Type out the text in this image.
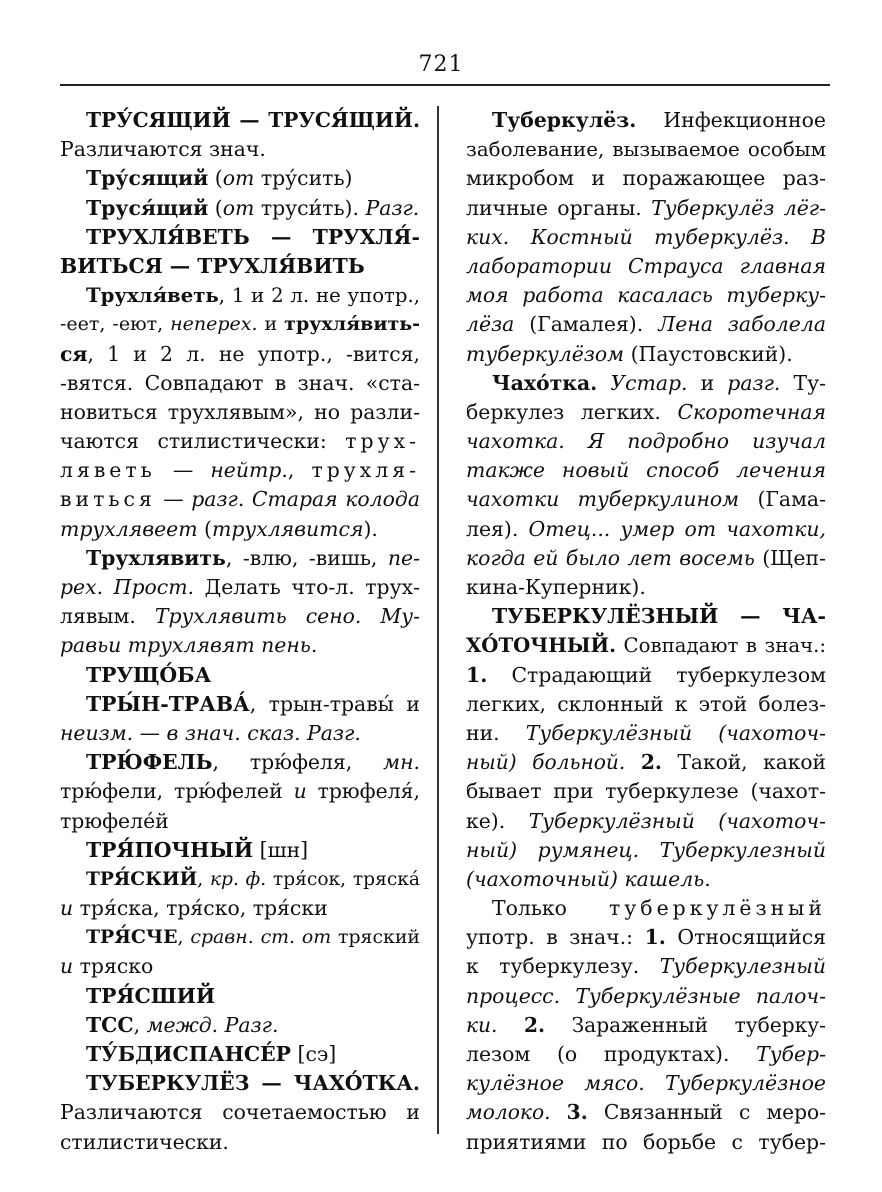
721
ТРУ́СЯЩИЙ — ТРУСЯ́ЩИЙ.
Различаются знач.
Тру́сящий (от тру́сить)
Труся́щий (от труси́ть). Разг.
ТРУХЛЯ́ВЕТЬ — ТРУХЛЯ́-
ВИТЬСЯ — ТРУХЛЯ́ВИТЬ
Трухля́веть, 1 и 2 л. не употр.,
-еет, -еют, неперех. и трухля́вить-
ся, 1 и 2 л. не употр., -вится,
-вятся. Совпадают в знач. «ста-
новиться трухлявым», но разли-
чаются стилистически: трух-
ляветь — нейтр., трухля-
виться — разг. Старая колода
трухлявеет (трухлявится).
Трухлявить, -влю, -вишь, пе-
рех. Прост. Делать что-л. трух-
лявым. Трухлявить сено. Му-
равьи трухлявят пень.
ТРУЩО́БА
ТРЫ́Н-ТРАВА́, трын-травы́ и
неизм. — в знач. сказ. Разг.
ТРЮ́ФЕЛЬ, трю́феля, мн.
трю́фели, трю́фелей и трюфеля́,
трюфеле́й
ТРЯ́ПОЧНЫЙ [шн]
ТРЯ́СКИЙ, кр. ф. тря́сок, тряска́
и тря́ска, тря́ско, тря́ски
ТРЯ́СЧЕ, сравн. ст. от тряский
и тряско
ТРЯ́СШИЙ
ТСС, межд. Разг.
ТУ́БДИСПАНСЕ́Р [сэ]
ТУБЕРКУЛЁЗ — ЧАХО́ТКА.
Различаются сочетаемостью и
стилистически.
Туберкулёз. Инфекционное
заболевание, вызываемое особым
микробом и поражающее раз-
личные органы. Туберкулёз лёг-
ких. Костный туберкулёз. В
лаборатории Страуса главная
моя работа касалась туберку-
лёза (Гамалея). Лена заболела
туберкулёзом (Паустовский).
Чахо́тка. Устар. и разг. Ту-
беркулез легких. Скоротечная
чахотка. Я подробно изучал
также новый способ лечения
чахотки туберкулином (Гама-
лея). Отец... умер от чахотки,
когда ей было лет восемь (Щеп-
кина-Куперник).
ТУБЕРКУЛЁЗНЫЙ — ЧА-
ХО́ТОЧНЫЙ. Совпадают в знач.:
1. Страдающий туберкулезом
легких, склонный к этой болез-
ни. Туберкулёзный (чахоточ-
ный) больной. 2. Такой, какой
бывает при туберкулезе (чахот-
ке). Туберкулёзный (чахоточ-
ный) румянец. Туберкулезный
(чахоточный) кашель.
Только туберкулёзный
употр. в знач.: 1. Относящийся
к туберкулезу. Туберкулезный
процесс. Туберкулёзные палоч-
ки. 2. Зараженный туберку-
лезом (о продуктах). Тубер-
кулёзное мясо. Туберкулёзное
молоко. 3. Связанный с меро-
приятиями по борьбе с тубер-
